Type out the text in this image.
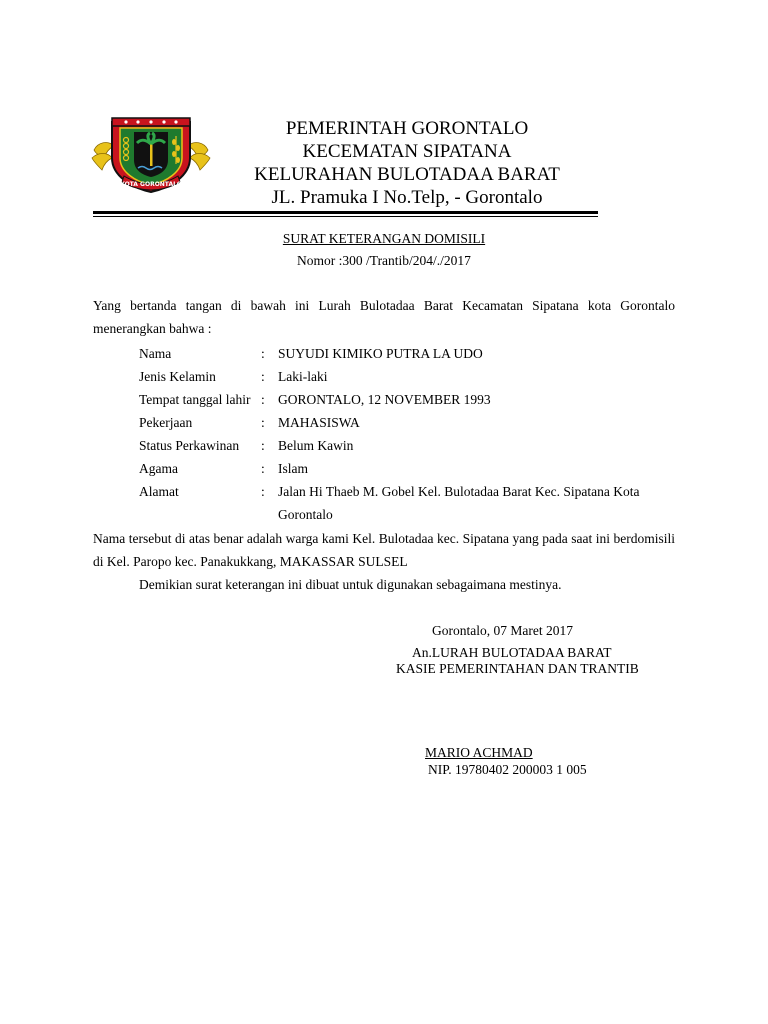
KOTA GORONTALO
PEMERINTAH GORONTALO
KECEMATAN SIPATANA
KELURAHAN BULOTADAA BARAT
JL. Pramuka I No.Telp, - Gorontalo
SURAT KETERANGAN DOMISILI
Nomor :300 /Trantib/204/./2017
Yang bertanda tangan di bawah ini Lurah Bulotadaa Barat Kecamatan Sipatana kota Gorontalo menerangkan bahwa :
Nama	: SUYUDI KIMIKO PUTRA LA UDO
Jenis Kelamin	: Laki-laki
Tempat tanggal lahir : GORONTALO, 12 NOVEMBER 1993
Pekerjaan	: MAHASISWA
Status Perkawinan : Belum Kawin
Agama	: Islam
Alamat	: Jalan Hi Thaeb M. Gobel Kel. Bulotadaa Barat Kec. Sipatana Kota Gorontalo
Nama tersebut di atas benar adalah warga kami Kel. Bulotadaa kec. Sipatana yang pada saat ini berdomisili di Kel. Paropo kec. Panakukkang, MAKASSAR SULSEL
Demikian surat keterangan ini dibuat untuk digunakan sebagaimana mestinya.
Gorontalo, 07 Maret 2017
An.LURAH BULOTADAA BARAT
KASIE PEMERINTAHAN DAN TRANTIB
MARIO ACHMAD
NIP. 19780402 200003 1 005
